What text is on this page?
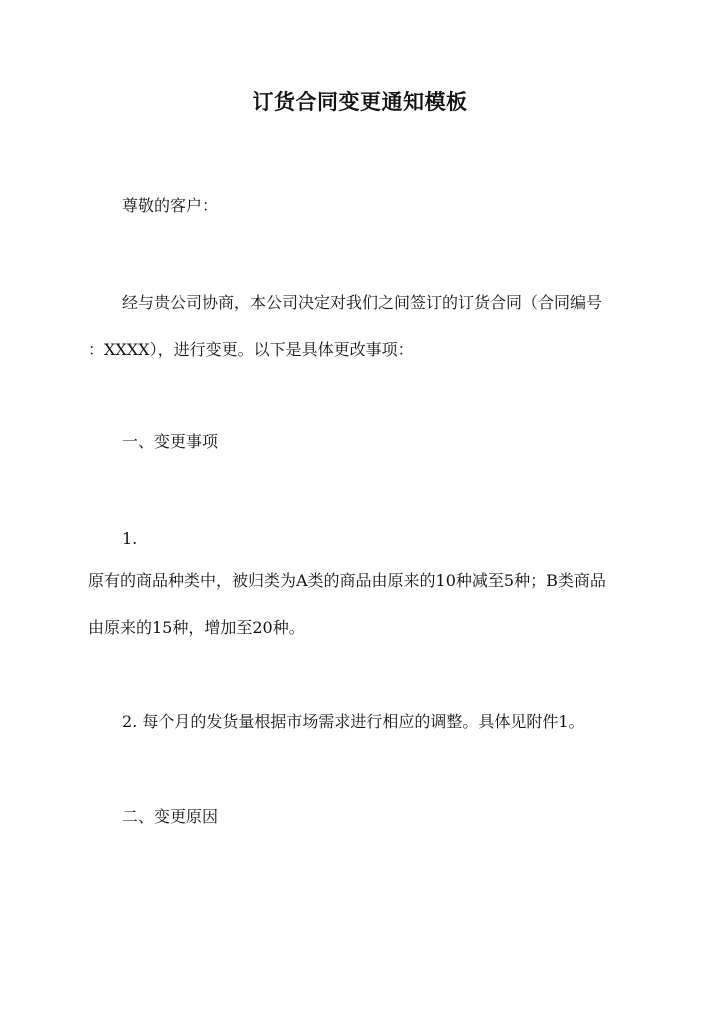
订货合同变更通知模板
尊敬的客户：
经与贵公司协商，本公司决定对我们之间签订的订货合同（合同编号
：XXXX），进行变更。以下是具体更改事项：
一、变更事项
1.
原有的商品种类中，被归类为A类的商品由原来的10种减至5种；B类商品
由原来的15种，增加至20种。
2. 每个月的发货量根据市场需求进行相应的调整。具体见附件1。
二、变更原因
